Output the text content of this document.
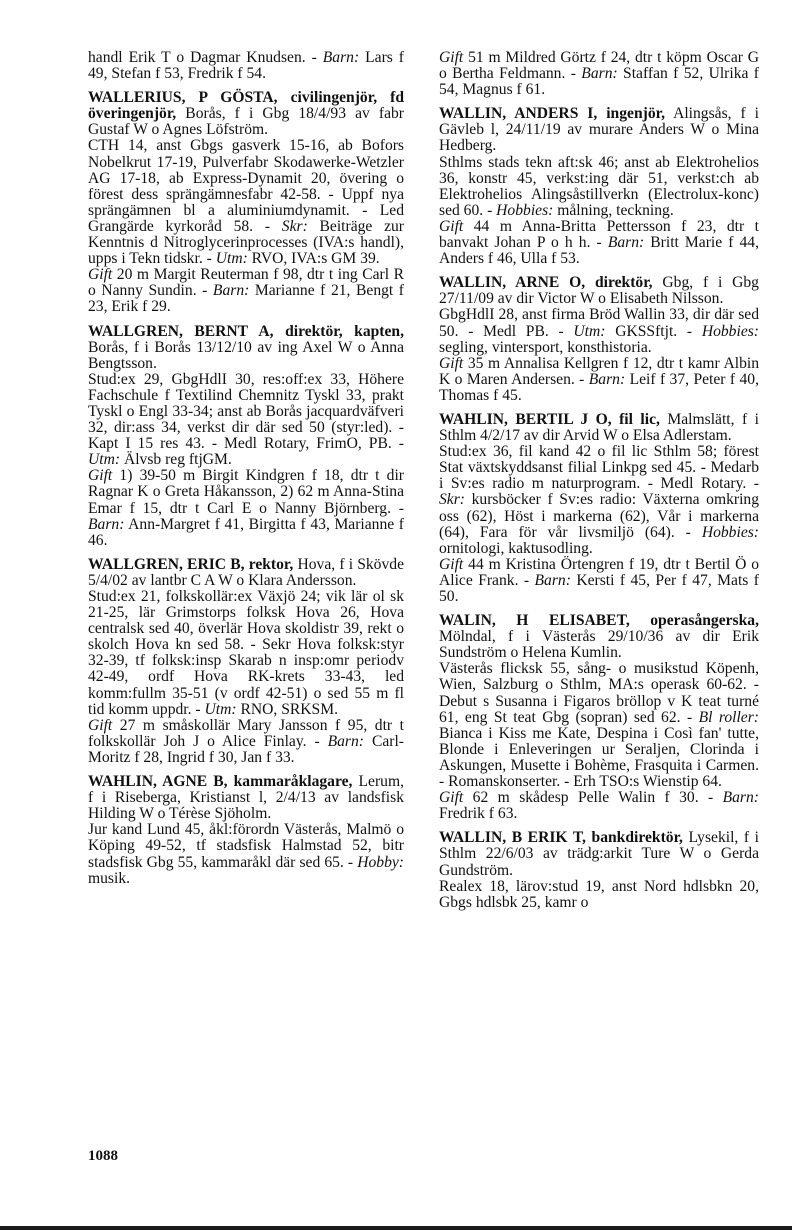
handl Erik T o Dagmar Knudsen. - Barn: Lars f 49, Stefan f 53, Fredrik f 54.

WALLERIUS, P GÖSTA, civilingenjör, fd överingenjör, Borås, f i Gbg 18/4/93 av fabr Gustaf W o Agnes Löfström.

CTH 14, anst Gbgs gasverk 15-16, ab Bofors Nobelkrut 17-19, Pulverfabr Skodawerke-Wetzler AG 17-18, ab Express-Dynamit 20, övering o förest dess sprängämnesfabr 42-58. - Uppf nya sprängämnen bl a aluminiumdynamit. - Led Grangärde kyrkoråd 58. - Skr: Beiträge zur Kenntnis d Nitroglycerinprocesses (IVA:s handl), upps i Tekn tidskr. - Utm: RVO, IVA:s GM 39.

Gift 20 m Margit Reuterman f 98, dtr t ing Carl R o Nanny Sundin. - Barn: Marianne f 21, Bengt f 23, Erik f 29.

WALLGREN, BERNT A, direktör, kapten, Borås, f i Borås 13/12/10 av ing Axel W o Anna Bengtsson.

Stud:ex 29, GbgHdlI 30, res:off:ex 33, Höhere Fachschule f Textilind Chemnitz Tyskl 33, prakt Tyskl o Engl 33-34; anst ab Borås jacquardväfveri 32, dir:ass 34, verkst dir där sed 50 (styr:led). - Kapt I 15 res 43. - Medl Rotary, FrimO, PB. - Utm: Älvsb reg ftjGM.

Gift 1) 39-50 m Birgit Kindgren f 18, dtr t dir Ragnar K o Greta Håkansson, 2) 62 m Anna-Stina Emar f 15, dtr t Carl E o Nanny Björnberg. - Barn: Ann-Margret f 41, Birgitta f 43, Marianne f 46.

WALLGREN, ERIC B, rektor, Hova, f i Skövde 5/4/02 av lantbr C A W o Klara Andersson.

Stud:ex 21, folkskollär:ex Växjö 24; vik lär ol sk 21-25, lär Grimstorps folksk Hova 26, Hova centralsk sed 40, överlär Hova skoldistr 39, rekt o skolch Hova kn sed 58. - Sekr Hova folksk:styr 32-39, tf folksk:insp Skarab n insp:omr periodv 42-49, ordf Hova RK-krets 33-43, led komm:fullm 35-51 (v ordf 42-51) o sed 55 m fl tid komm uppdr. - Utm: RNO, SRKSM.

Gift 27 m småskollär Mary Jansson f 95, dtr t folkskollär Joh J o Alice Finlay. - Barn: Carl-Moritz f 28, Ingrid f 30, Jan f 33.

WAHLIN, AGNE B, kammaråklagare, Lerum, f i Riseberga, Kristianst l, 2/4/13 av landsfisk Hilding W o Térèse Sjöholm.

Jur kand Lund 45, åkl:förordn Västerås, Malmö o Köping 49-52, tf stadsfisk Halmstad 52, bitr stadsfisk Gbg 55, kammaråkl där sed 65. - Hobby: musik.

Gift 51 m Mildred Görtz f 24, dtr t köpm Oscar G o Bertha Feldmann. - Barn: Staffan f 52, Ulrika f 54, Magnus f 61.

WALLIN, ANDERS I, ingenjör, Alingsås, f i Gävleb l, 24/11/19 av murare Anders W o Mina Hedberg.

Sthlms stads tekn aft:sk 46; anst ab Elektrohelios 36, konstr 45, verkst:ing där 51, verkst:ch ab Elektrohelios Alingsåstillverkn (Electrolux-konc) sed 60. - Hobbies: målning, teckning.

Gift 44 m Anna-Britta Pettersson f 23, dtr t banvakt Johan P o h h. - Barn: Britt Marie f 44, Anders f 46, Ulla f 53.

WALLIN, ARNE O, direktör, Gbg, f i Gbg 27/11/09 av dir Victor W o Elisabeth Nilsson.

GbgHdlI 28, anst firma Bröd Wallin 33, dir där sed 50. - Medl PB. - Utm: GKSSftjt. - Hobbies: segling, vintersport, konsthistoria.

Gift 35 m Annalisa Kellgren f 12, dtr t kamr Albin K o Maren Andersen. - Barn: Leif f 37, Peter f 40, Thomas f 45.

WAHLIN, BERTIL J O, fil lic, Malmslätt, f i Sthlm 4/2/17 av dir Arvid W o Elsa Adlerstam.

Stud:ex 36, fil kand 42 o fil lic Sthlm 58; förest Stat växtskyddsanst filial Linkpg sed 45. - Medarb i Sv:es radio m naturprogram. - Medl Rotary. - Skr: kursböcker f Sv:es radio: Växterna omkring oss (62), Höst i markerna (62), Vår i markerna (64), Fara för vår livsmiljö (64). - Hobbies: ornitologi, kaktusodling.

Gift 44 m Kristina Örtengren f 19, dtr t Bertil Ö o Alice Frank. - Barn: Kersti f 45, Per f 47, Mats f 50.

WALIN, H ELISABET, operasångerska, Mölndal, f i Västerås 29/10/36 av dir Erik Sundström o Helena Kumlin.

Västerås flicksk 55, sång- o musikstud Köpenh, Wien, Salzburg o Sthlm, MA:s operask 60-62. - Debut s Susanna i Figaros bröllop v K teat turné 61, eng St teat Gbg (sopran) sed 62. - Bl roller: Bianca i Kiss me Kate, Despina i Così fan' tutte, Blonde i Enleveringen ur Seraljen, Clorinda i Askungen, Musette i Bohème, Frasquita i Carmen. - Romanskonserter. - Erh TSO:s Wienstip 64.

Gift 62 m skådesp Pelle Walin f 30. - Barn: Fredrik f 63.

WALLIN, B ERIK T, bankdirektör, Lysekil, f i Sthlm 22/6/03 av trädg:arkit Ture W o Gerda Gundström.

Realex 18, lärov:stud 19, anst Nord hdlsbkn 20, Gbgs hdlsbk 25, kamr o

1088
